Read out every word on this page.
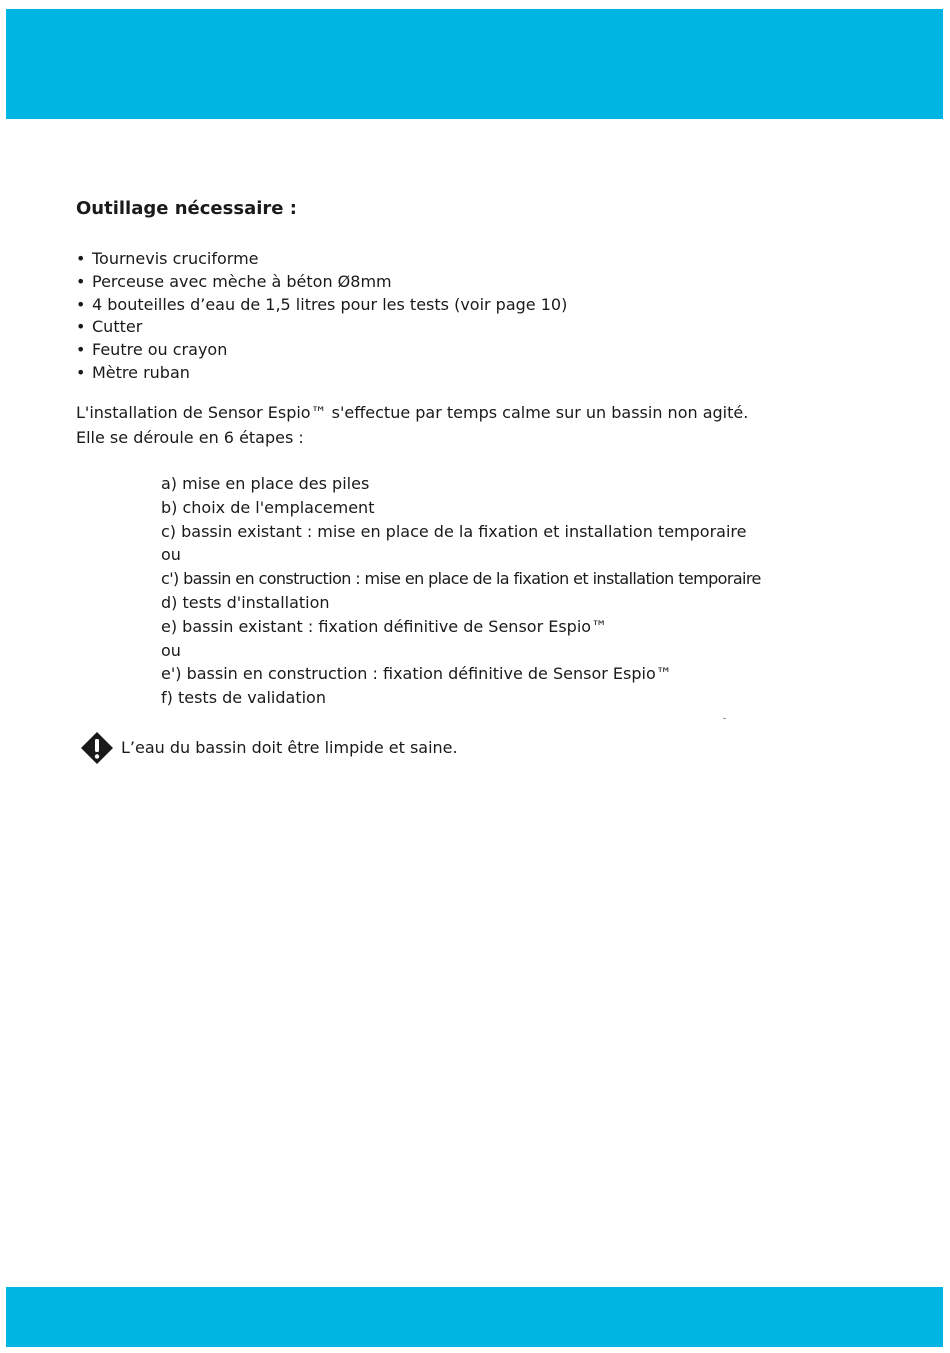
Outillage nécessaire :
• Tournevis cruciforme
• Perceuse avec mèche à béton Ø8mm
• 4 bouteilles d’eau de 1,5 litres pour les tests (voir page 10)
• Cutter
• Feutre ou crayon
• Mètre ruban
L'installation de Sensor Espio™ s'effectue par temps calme sur un bassin non agité.
Elle se déroule en 6 étapes :
a) mise en place des piles
b) choix de l'emplacement
c) bassin existant : mise en place de la fixation et installation temporaire
ou
c') bassin en construction : mise en place de la fixation et installation temporaire
d) tests d'installation
e) bassin existant : fixation définitive de Sensor Espio™
ou
e') bassin en construction : fixation définitive de Sensor Espio™
f) tests de validation
L’eau du bassin doit être limpide et saine.
